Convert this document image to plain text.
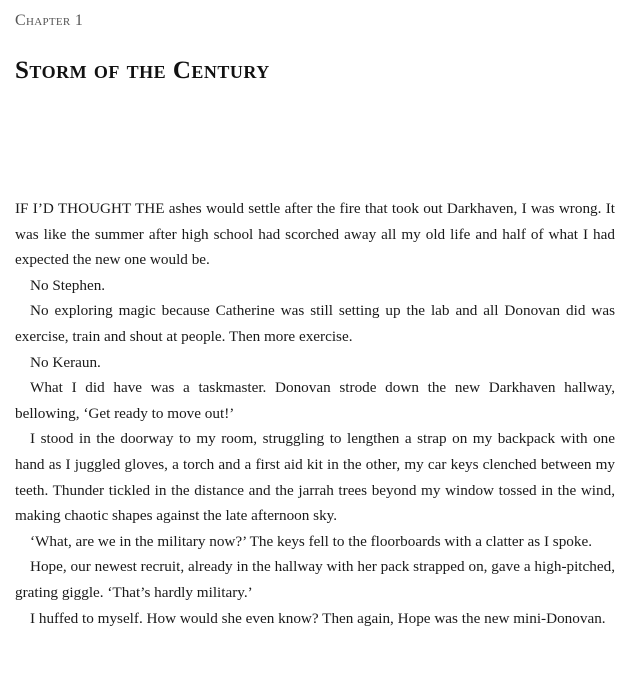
Chapter 1
Storm of the Century

IF I’D THOUGHT THE ashes would settle after the fire that took out Darkhaven, I was wrong. It was like the summer after high school had scorched away all my old life and half of what I had expected the new one would be.

No Stephen.

No exploring magic because Catherine was still setting up the lab and all Donovan did was exercise, train and shout at people. Then more exercise.

No Keraun.

What I did have was a taskmaster. Donovan strode down the new Darkhaven hallway, bellowing, ‘Get ready to move out!’

I stood in the doorway to my room, struggling to lengthen a strap on my backpack with one hand as I juggled gloves, a torch and a first aid kit in the other, my car keys clenched between my teeth. Thunder tickled in the distance and the jarrah trees beyond my window tossed in the wind, making chaotic shapes against the late afternoon sky.

‘What, are we in the military now?’ The keys fell to the floorboards with a clatter as I spoke.

Hope, our newest recruit, already in the hallway with her pack strapped on, gave a high-pitched, grating giggle. ‘That’s hardly military.’

I huffed to myself. How would she even know? Then again, Hope was the new mini-Donovan.
